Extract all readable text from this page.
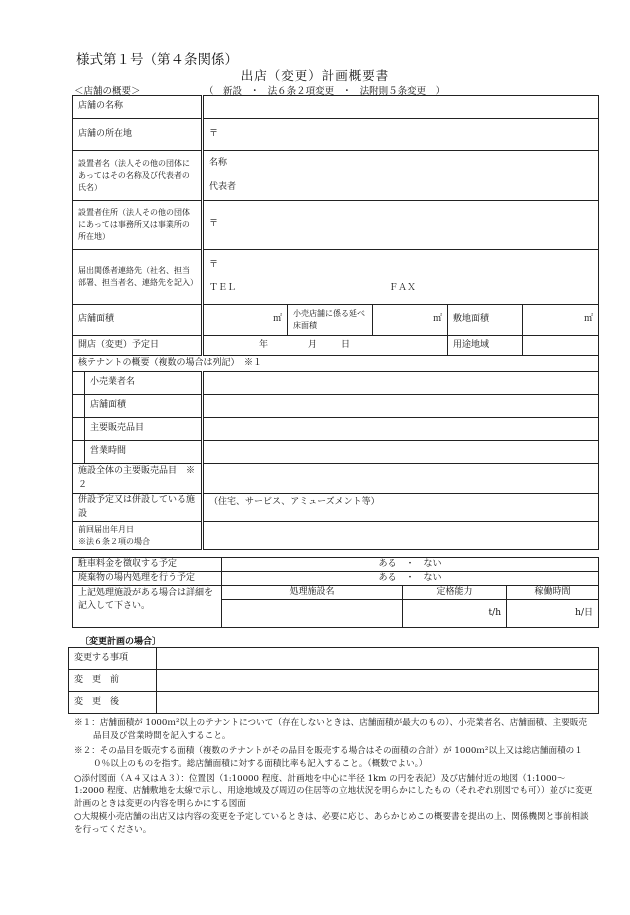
様式第１号（第４条関係）
出店（変更）計画概要書
＜店舗の概要＞	（　 新設 ・ 法６条２項変更 ・ 法附則５条変更　 ）
店舗の名称						
店舗の所在地		〒				
設置者名（法人その他の団体にあってはその名称及び代表者の氏名）		名称
代表者				

設置者住所（法人その他の団体にあっては事務所又は事業所の所在地）		〒				
届出関係者連絡先（社名、担当部署、担当者名、連絡先を記入）		〒
ＴＥＬ ＦＡＸ				

店舗面積		㎡	小売店舗に係る延べ床面積	㎡	敷地面積	㎡
開店（変更）予定日		年 月 日			用途地域	
核テナントの概要（複数の場合は列記）　※１						
	小売業者名					
	店舗面積					
	主要販売品目					
	営業時間					
施設全体の主要販売品目　※２						
併設予定又は併設している施設		（住宅、サービス、アミューズメント等）				

前回届出年月日
※法６条２項の場合						

駐車料金を徴収する予定	ある　・　ない		
廃棄物の場内処理を行う予定	ある　・　ない		
上記処理施設がある場合は詳細を記入して下さい。	処理施設名	定格能力	稼働時間
		t/h	h/日
〔変更計画の場合〕
変更する事項	
変　更　前	
変　更　後	
※１：店舗面積が 1000ｍ²以上のテナントについて（存在しないときは、店舗面積が最大のもの）、小売業者名、店舗面積、主要販売品目及び営業時間を記入すること。
※２：その品目を販売する面積（複数のテナントがその品目を販売する場合はその面積の合計）が 1000ｍ²以上又は総店舗面積の１０％以上のものを指す。総店舗面積に対する面積比率も記入すること。（概数でよい。）
○添付図面（Ａ４又はＡ３）：位置図（1:10000 程度、計画地を中心に半径 1km の円を表記）及び店舗付近の地図（1:1000～1:2000 程度、店舗敷地を太線で示し、用途地域及び周辺の住居等の立地状況を明らかにしたもの（それぞれ別図でも可））並びに変更計画のときは変更の内容を明らかにする図面
○大規模小売店舗の出店又は内容の変更を予定しているときは、必要に応じ、あらかじめこの概要書を提出の上、関係機関と事前相談を行ってください。
